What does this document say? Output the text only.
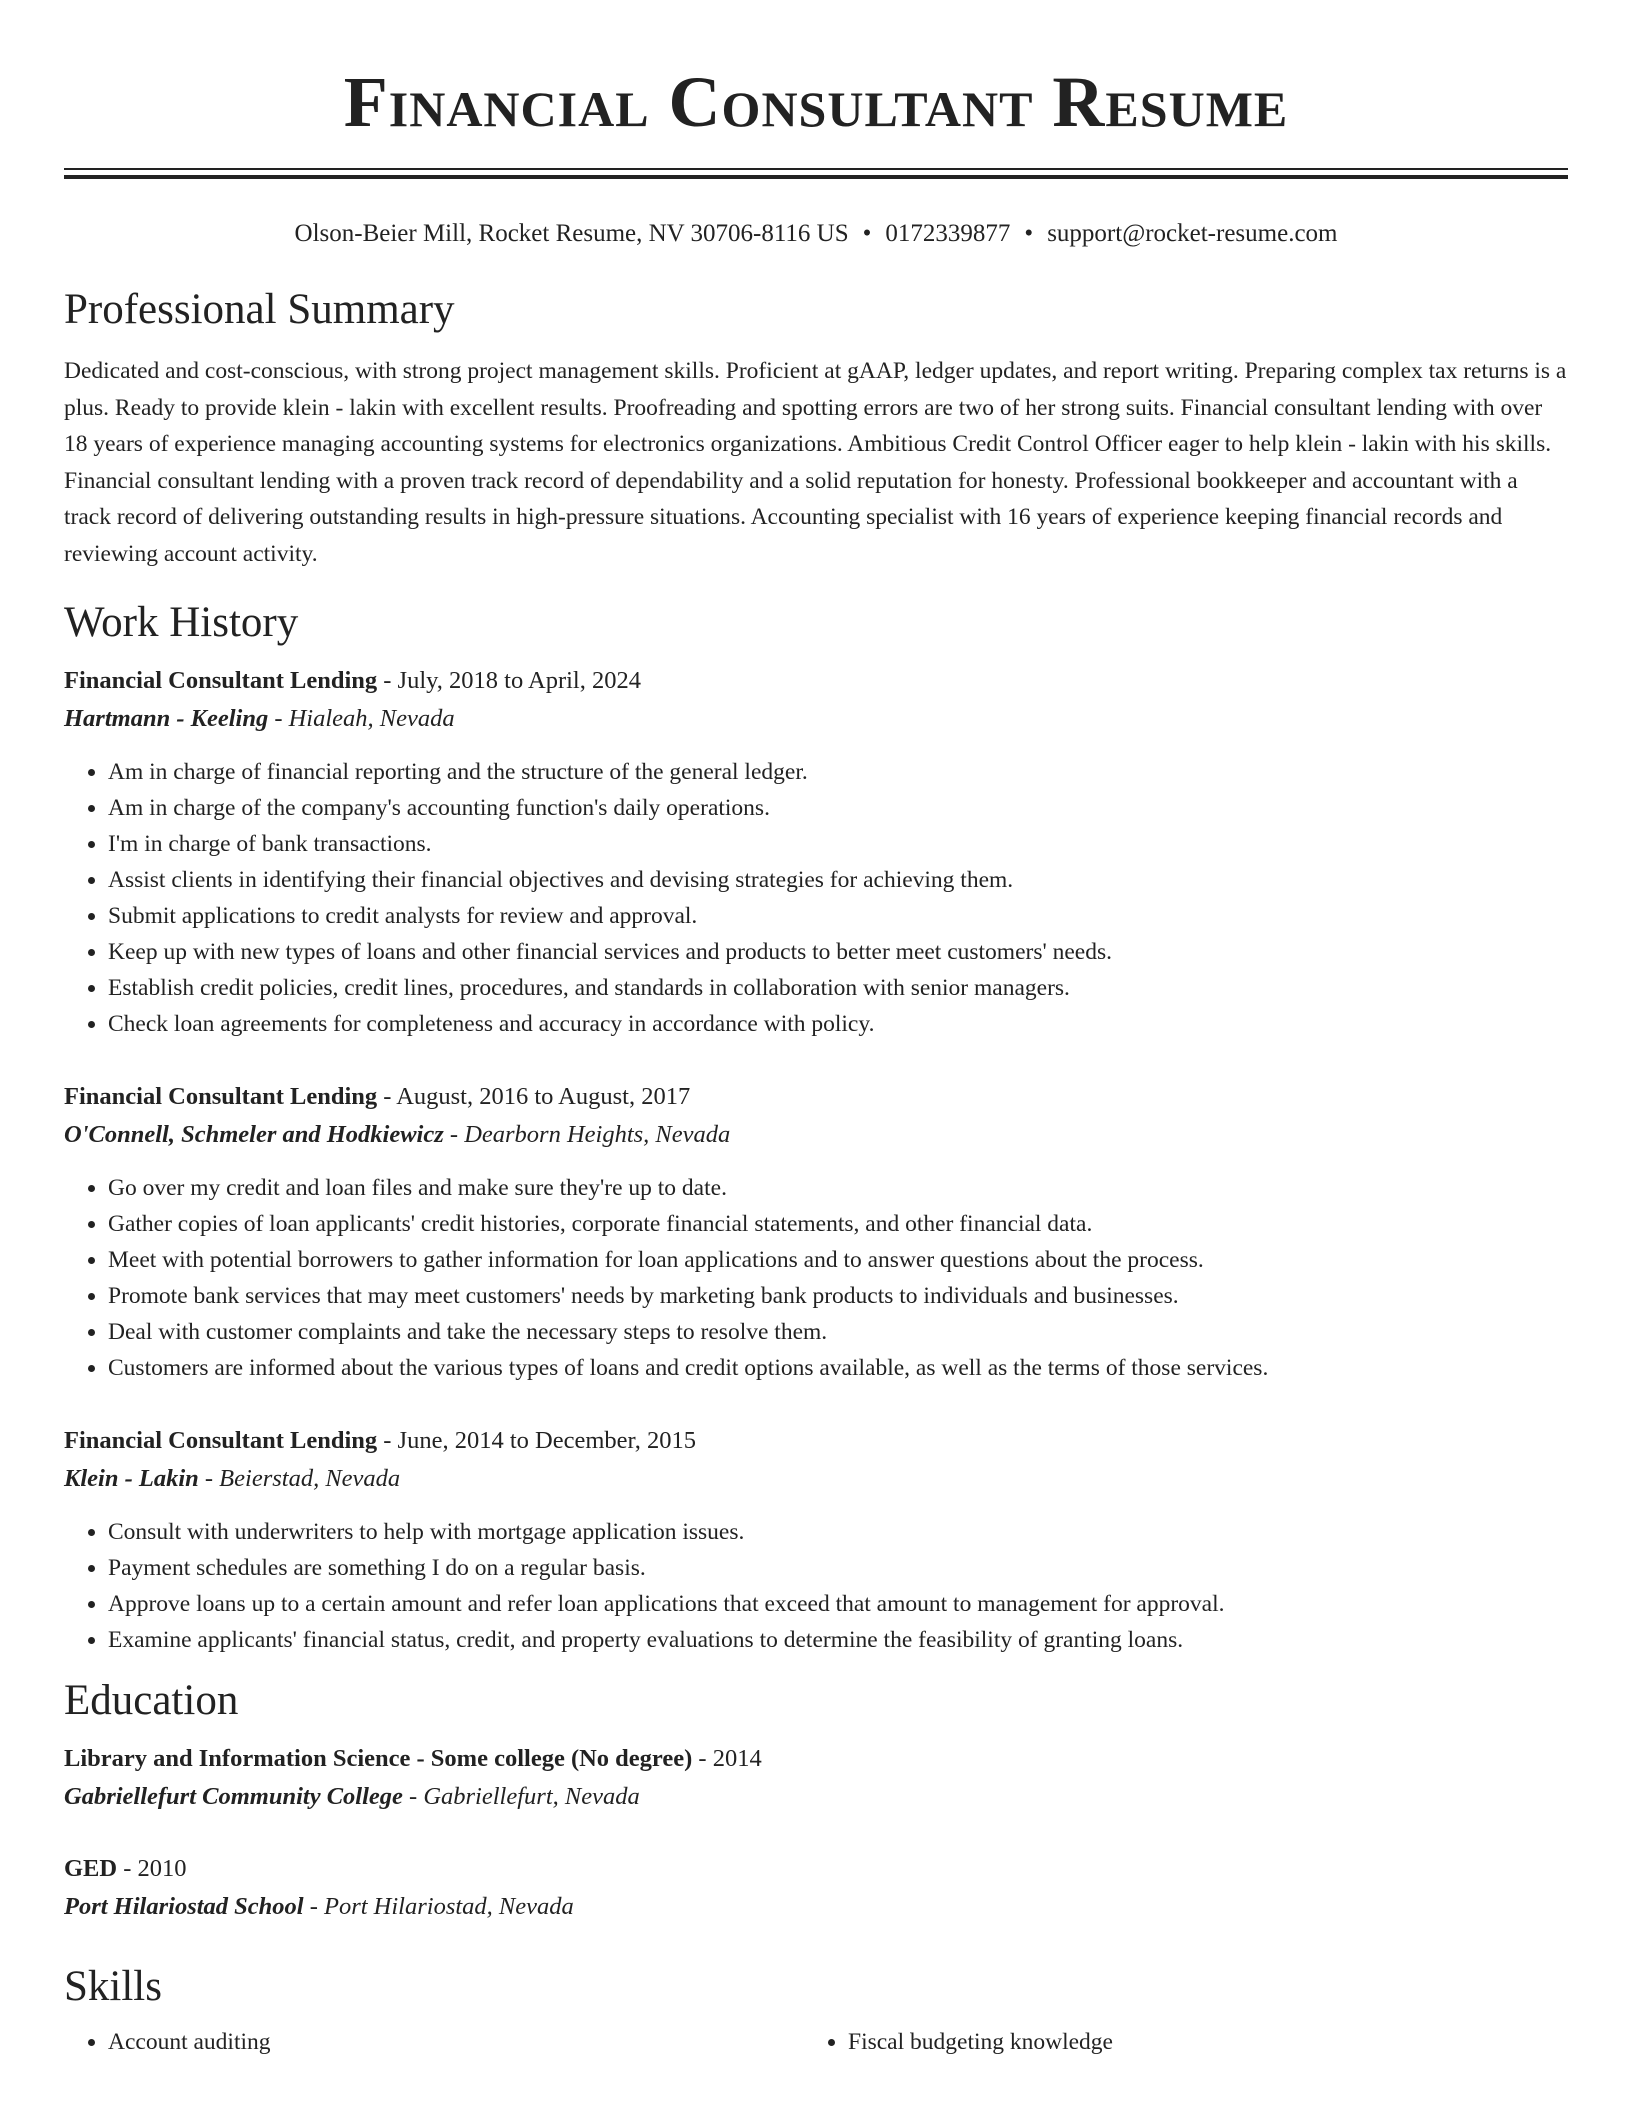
Financial Consultant Resume
Olson-Beier Mill, Rocket Resume, NV 30706-8116 US • 0172339877 • support@rocket-resume.com
Professional Summary
Dedicated and cost-conscious, with strong project management skills. Proficient at gAAP, ledger updates, and report writing. Preparing complex tax returns is a plus. Ready to provide klein - lakin with excellent results. Proofreading and spotting errors are two of her strong suits. Financial consultant lending with over 18 years of experience managing accounting systems for electronics organizations. Ambitious Credit Control Officer eager to help klein - lakin with his skills. Financial consultant lending with a proven track record of dependability and a solid reputation for honesty. Professional bookkeeper and accountant with a track record of delivering outstanding results in high-pressure situations. Accounting specialist with 16 years of experience keeping financial records and reviewing account activity.
Work History
Financial Consultant Lending - July, 2018 to April, 2024
Hartmann - Keeling - Hialeah, Nevada
• Am in charge of financial reporting and the structure of the general ledger.
• Am in charge of the company's accounting function's daily operations.
• I'm in charge of bank transactions.
• Assist clients in identifying their financial objectives and devising strategies for achieving them.
• Submit applications to credit analysts for review and approval.
• Keep up with new types of loans and other financial services and products to better meet customers' needs.
• Establish credit policies, credit lines, procedures, and standards in collaboration with senior managers.
• Check loan agreements for completeness and accuracy in accordance with policy.
Financial Consultant Lending - August, 2016 to August, 2017
O'Connell, Schmeler and Hodkiewicz - Dearborn Heights, Nevada
• Go over my credit and loan files and make sure they're up to date.
• Gather copies of loan applicants' credit histories, corporate financial statements, and other financial data.
• Meet with potential borrowers to gather information for loan applications and to answer questions about the process.
• Promote bank services that may meet customers' needs by marketing bank products to individuals and businesses.
• Deal with customer complaints and take the necessary steps to resolve them.
• Customers are informed about the various types of loans and credit options available, as well as the terms of those services.
Financial Consultant Lending - June, 2014 to December, 2015
Klein - Lakin - Beierstad, Nevada
• Consult with underwriters to help with mortgage application issues.
• Payment schedules are something I do on a regular basis.
• Approve loans up to a certain amount and refer loan applications that exceed that amount to management for approval.
• Examine applicants' financial status, credit, and property evaluations to determine the feasibility of granting loans.
Education
Library and Information Science - Some college (No degree) - 2014
Gabriellefurt Community College - Gabriellefurt, Nevada
GED - 2010
Port Hilariostad School - Port Hilariostad, Nevada
Skills
• Account auditing
•	Fiscal budgeting knowledge
